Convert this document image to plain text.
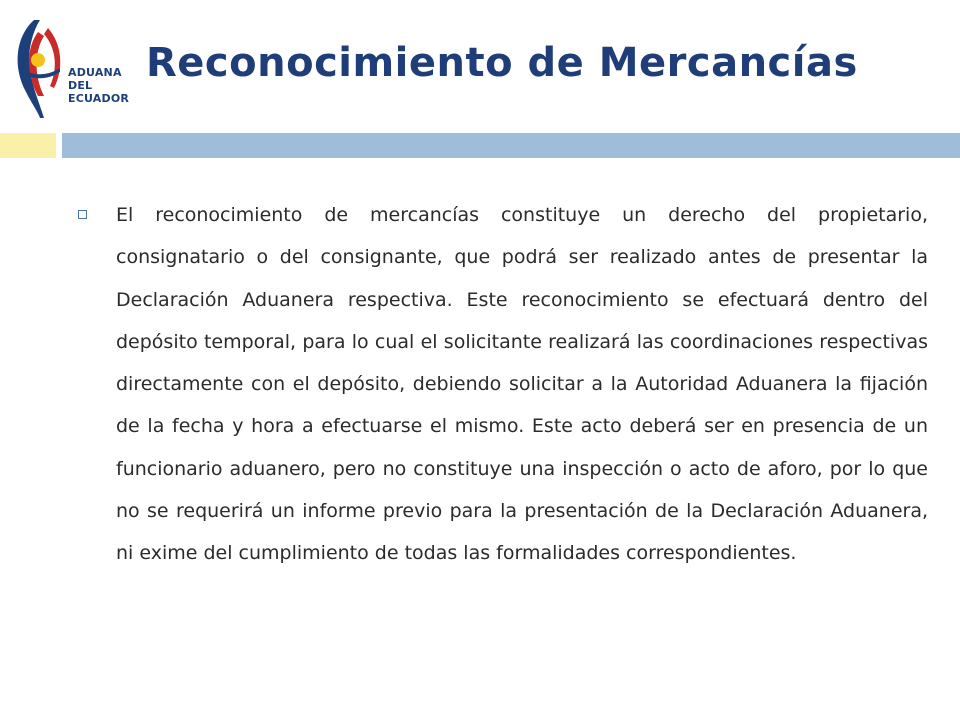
ADUANA
DEL
ECUADOR
Reconocimiento de Mercancías

El reconocimiento de mercancías constituye un derecho del propietario, consignatario o del consignante, que podrá ser realizado antes de presentar la Declaración Aduanera respectiva. Este reconocimiento se efectuará dentro del depósito temporal, para lo cual el solicitante realizará las coordinaciones respectivas directamente con el depósito, debiendo solicitar a la Autoridad Aduanera la fijación de la fecha y hora a efectuarse el mismo. Este acto deberá ser en presencia de un funcionario aduanero, pero no constituye una inspección o acto de aforo, por lo que no se requerirá un informe previo para la presentación de la Declaración Aduanera, ni exime del cumplimiento de todas las formalidades correspondientes.
